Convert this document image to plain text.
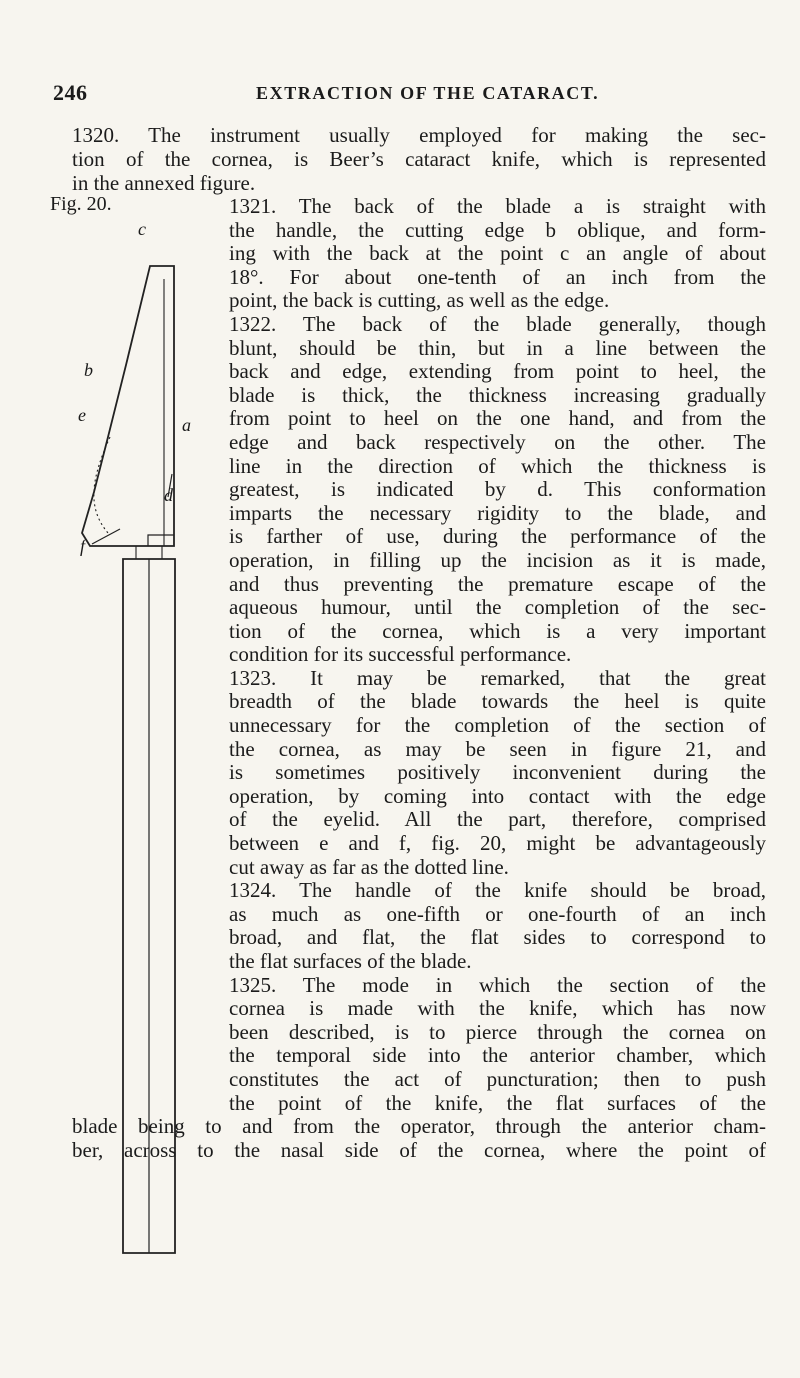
246	EXTRACTION OF THE CATARACT.
1320. The instrument usually employed for making the sec-
tion of the cornea, is Beer’s cataract knife, which is represented
in the annexed figure.
Fig. 20.
c
b
e	a
d
f
1321. The back of the blade a is straight with
the handle, the cutting edge b oblique, and form-
ing with the back at the point c an angle of about
18°. For about one-tenth of an inch from the
point, the back is cutting, as well as the edge.
1322. The back of the blade generally, though
blunt, should be thin, but in a line between the
back and edge, extending from point to heel, the
blade is thick, the thickness increasing gradually
from point to heel on the one hand, and from the
edge and back respectively on the other. The
line in the direction of which the thickness is
greatest, is indicated by d. This conformation
imparts the necessary rigidity to the blade, and
is farther of use, during the performance of the
operation, in filling up the incision as it is made,
and thus preventing the premature escape of the
aqueous humour, until the completion of the sec-
tion of the cornea, which is a very important
condition for its successful performance.
1323. It may be remarked, that the great
breadth of the blade towards the heel is quite
unnecessary for the completion of the section of
the cornea, as may be seen in figure 21, and
is sometimes positively inconvenient during the
operation, by coming into contact with the edge
of the eyelid. All the part, therefore, comprised
between e and f, fig. 20, might be advantageously
cut away as far as the dotted line.
1324. The handle of the knife should be broad,
as much as one-fifth or one-fourth of an inch
broad, and flat, the flat sides to correspond to
the flat surfaces of the blade.
1325. The mode in which the section of the
cornea is made with the knife, which has now
been described, is to pierce through the cornea on
the temporal side into the anterior chamber, which
constitutes the act of puncturation; then to push
the point of the knife, the flat surfaces of the
blade being to and from the operator, through the anterior cham-
ber, across to the nasal side of the cornea, where the point of
